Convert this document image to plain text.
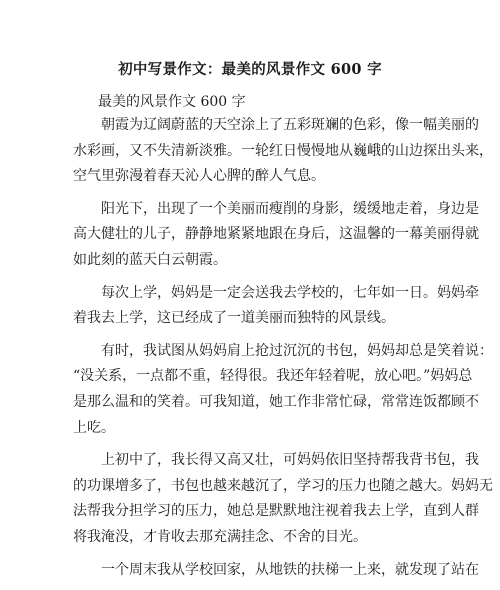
初中写景作文：最美的风景作文 600 字
最美的风景作文 600 字

朝霞为辽阔蔚蓝的天空涂上了五彩斑斓的色彩，像一幅美丽的
水彩画，又不失清新淡雅。一轮红日慢慢地从巍峨的山边探出头来，
空气里弥漫着春天沁人心脾的醉人气息。

阳光下，出现了一个美丽而瘦削的身影，缓缓地走着，身边是
高大健壮的儿子，静静地紧紧地跟在身后，这温馨的一幕美丽得就
如此刻的蓝天白云朝霞。

每次上学，妈妈是一定会送我去学校的，七年如一日。妈妈牵
着我去上学，这已经成了一道美丽而独特的风景线。

有时，我试图从妈妈肩上抢过沉沉的书包，妈妈却总是笑着说：
“没关系，一点都不重，轻得很。我还年轻着呢，放心吧。”妈妈总
是那么温和的笑着。可我知道，她工作非常忙碌，常常连饭都顾不
上吃。

上初中了，我长得又高又壮，可妈妈依旧坚持帮我背书包，我
的功课增多了，书包也越来越沉了，学习的压力也随之越大。妈妈无
法帮我分担学习的压力，她总是默默地注视着我去上学，直到人群
将我淹没，才肯收去那充满挂念、不舍的目光。

一个周末我从学校回家，从地铁的扶梯一上来，就发现了站在
